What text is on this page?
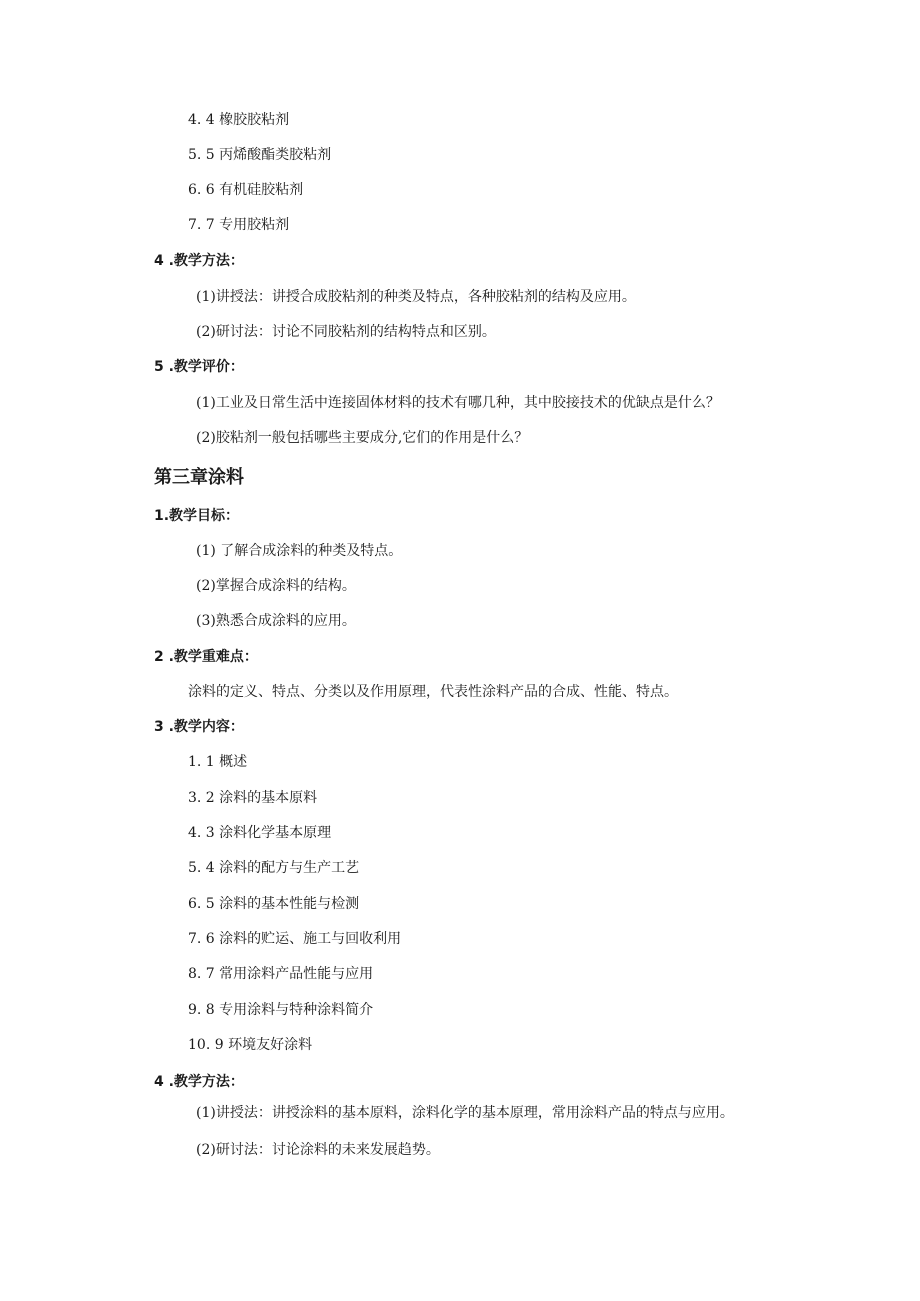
4. 4 橡胶胶粘剂
5. 5 丙烯酸酯类胶粘剂
6. 6 有机硅胶粘剂
7. 7 专用胶粘剂
4 .教学方法：
(1)讲授法：讲授合成胶粘剂的种类及特点，各种胶粘剂的结构及应用。
(2)研讨法：讨论不同胶粘剂的结构特点和区别。
5 .教学评价：
(1)工业及日常生活中连接固体材料的技术有哪几种，其中胶接技术的优缺点是什么？
(2)胶粘剂一般包括哪些主要成分,它们的作用是什么？
第三章涂料
1.教学目标：
(1) 了解合成涂料的种类及特点。
(2)掌握合成涂料的结构。
(3)熟悉合成涂料的应用。
2 .教学重难点：
涂料的定义、特点、分类以及作用原理，代表性涂料产品的合成、性能、特点。
3 .教学内容：
1. 1 概述
3. 2 涂料的基本原料
4. 3 涂料化学基本原理
5. 4 涂料的配方与生产工艺
6. 5 涂料的基本性能与检测
7. 6 涂料的贮运、施工与回收利用
8. 7 常用涂料产品性能与应用
9. 8 专用涂料与特种涂料简介
10. 9 环境友好涂料
4 .教学方法：
(1)讲授法：讲授涂料的基本原料，涂料化学的基本原理，常用涂料产品的特点与应用。
(2)研讨法：讨论涂料的未来发展趋势。
